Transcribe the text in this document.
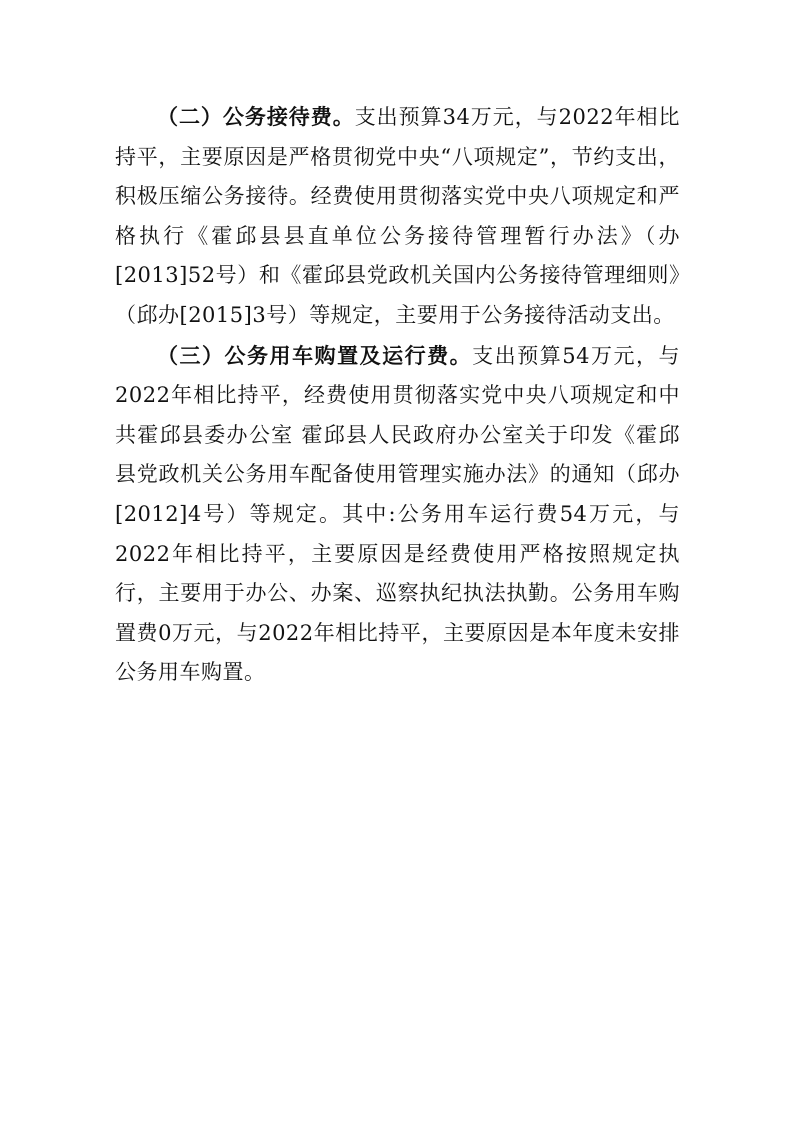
（二）公务接待费。支出预算34万元，与2022年相比持平，主要原因是严格贯彻党中央“八项规定”，节约支出，积极压缩公务接待。经费使用贯彻落实党中央八项规定和严格执行《霍邱县县直单位公务接待管理暂行办法》（办[2013]52号）和《霍邱县党政机关国内公务接待管理细则》（邱办[2015]3号）等规定，主要用于公务接待活动支出。

（三）公务用车购置及运行费。支出预算54万元，与2022年相比持平，经费使用贯彻落实党中央八项规定和中共霍邱县委办公室 霍邱县人民政府办公室关于印发《霍邱县党政机关公务用车配备使用管理实施办法》的通知（邱办[2012]4号）等规定。其中:公务用车运行费54万元，与2022年相比持平，主要原因是经费使用严格按照规定执行，主要用于办公、办案、巡察执纪执法执勤。公务用车购置费0万元，与2022年相比持平，主要原因是本年度未安排公务用车购置。
